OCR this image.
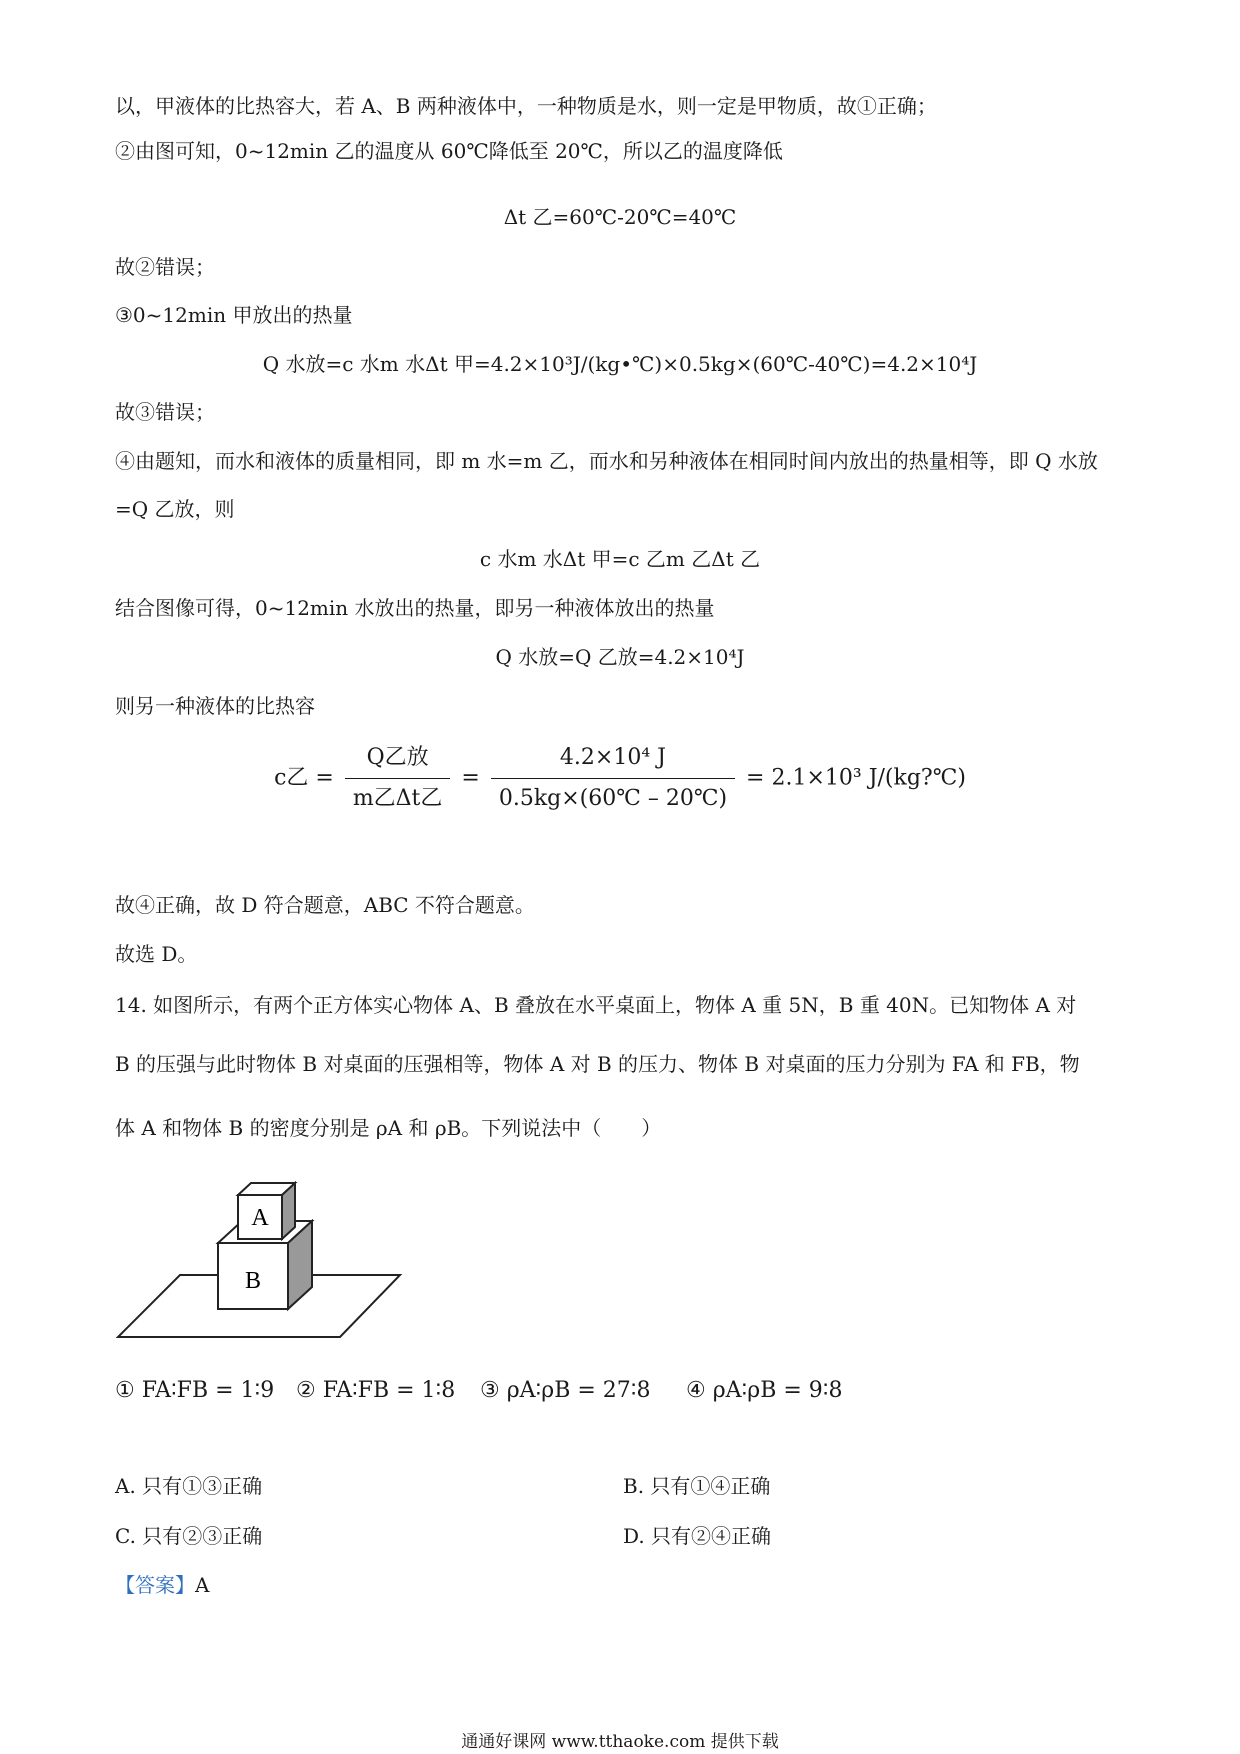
以，甲液体的比热容大，若 A、B 两种液体中，一种物质是水，则一定是甲物质，故①正确；
②由图可知，0~12min 乙的温度从 60℃降低至 20℃，所以乙的温度降低
Δt 乙=60℃-20℃=40℃
故②错误；
③0~12min 甲放出的热量
Q 水放=c 水m 水Δt 甲=4.2×10³J/(kg•℃)×0.5kg×(60℃-40℃)=4.2×10⁴J
故③错误；
④由题知，而水和液体的质量相同，即 m 水=m 乙，而水和另种液体在相同时间内放出的热量相等，即 Q 水放
=Q 乙放，则
c 水m 水Δt 甲=c 乙m 乙Δt 乙
结合图像可得，0~12min 水放出的热量，即另一种液体放出的热量
Q 水放=Q 乙放=4.2×10⁴J
则另一种液体的比热容
c乙 = $\frac{\text{Q乙放}}{\text{m乙Δt乙}} = \frac{\text{4.2×10⁴ J}}{0.5kg\times(60℃ - 20℃)} = 2.1\times 10^3$ J/(kg?℃)
故④正确，故 D 符合题意，ABC 不符合题意。
故选 D。
14. 如图所示，有两个正方体实心物体 A、B 叠放在水平桌面上，物体 A 重 5N，B 重 40N。已知物体 A 对
B 的压强与此时物体 B 对桌面的压强相等，物体 A 对 B 的压力、物体 B 对桌面的压力分别为 FA 和 FB，物
体 A 和物体 B 的密度分别是 ρA 和 ρB。下列说法中（　　）
A
B
① FA∶FB = 1∶9 ② FA∶FB = 1∶8 ③ ρA∶ρB = 27∶8 ④ ρA∶ρB = 9∶8
A. 只有①③正确	B. 只有①④正确
C. 只有②③正确	D. 只有②④正确
【答案】A
通通好课网 www.tthaoke.com 提供下载
